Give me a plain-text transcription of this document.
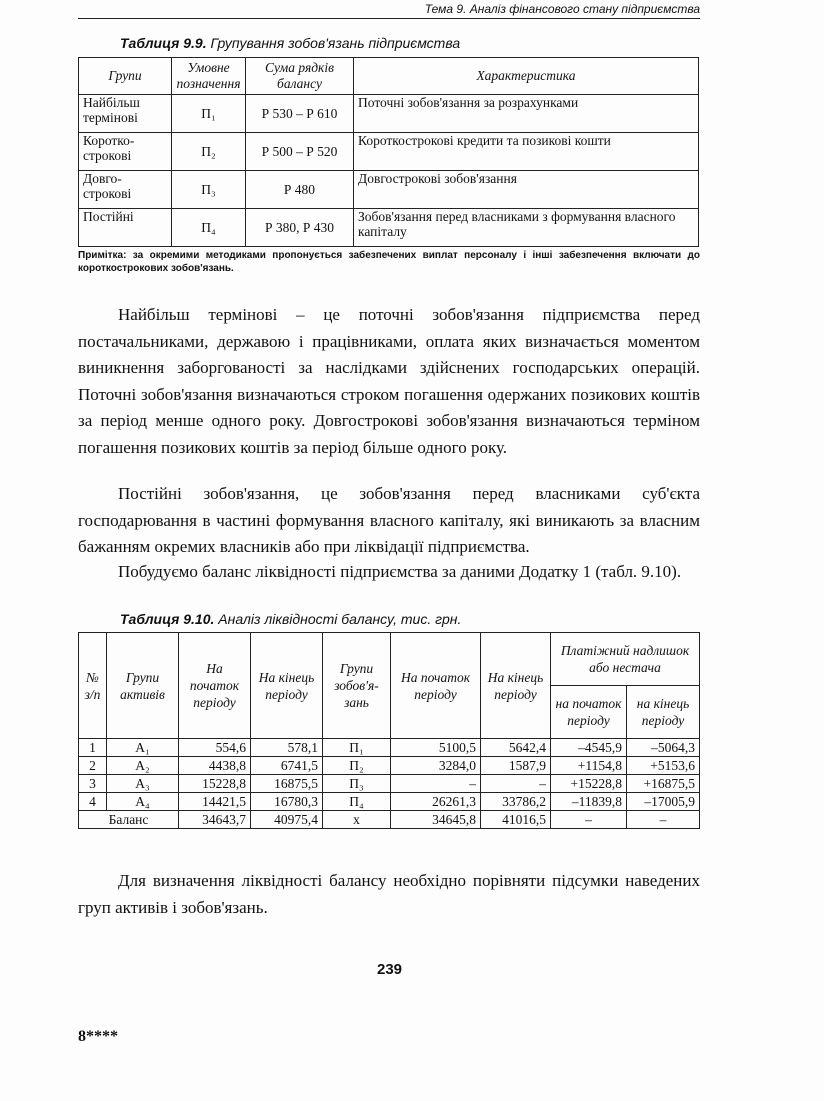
Тема 9. Аналіз фінансового стану підприємства
Таблиця 9.9. Групування зобов'язань підприємства
Групи	Умовне позначення	Сума рядків балансу	Характеристика
Найбільш термінові	П₁	Р 530 – Р 610	Поточні зобов'язання за розрахунками
Коротко-строкові	П₂	Р 500 – Р 520	Короткострокові кредити та позикові кошти
Довго-строкові	П₃	Р 480	Довгострокові зобов'язання
Постійні	П₄	Р 380, Р 430	Зобов'язання перед власниками з формування власного капіталу
Примітка: за окремими методиками пропонується забезпечених виплат персоналу і інші забезпечення включати до короткострокових зобов'язань.

Найбільш термінові – це поточні зобов'язання підприємства перед постачальниками, державою і працівниками, оплата яких визначається моментом виникнення заборгованості за наслідками здійснених господарських операцій. Поточні зобов'язання визначаються строком погашення одержаних позикових коштів за період менше одного року. Довгострокові зобов'язання визначаються терміном погашення позикових коштів за період більше одного року.

Постійні зобов'язання, це зобов'язання перед власниками суб'єкта господарювання в частині формування власного капіталу, які виникають за власним бажанням окремих власників або при ліквідації підприємства.

Побудуємо баланс ліквідності підприємства за даними Додатку 1 (табл. 9.10).

Таблиця 9.10. Аналіз ліквідності балансу, тис. грн.
№ з/п	Групи активів	На початок періоду	На кінець періоду	Групи зобов'я-зань	На початок періоду	На кінець періоду	Платіжний надлишок або нестача	
							на початок періоду	на кінець періоду
1	А₁	554,6	578,1	П₁	5100,5	5642,4	–4545,9	–5064,3
2	А₂	4438,8	6741,5	П₂	3284,0	1587,9	+1154,8	+5153,6
3	А₃	15228,8	16875,5	П₃	–	–	+15228,8	+16875,5
4	А₄	14421,5	16780,3	П₄	26261,3	33786,2	–11839,8	–17005,9
Баланс		34643,7	40975,4	х	34645,8	41016,5	–	–

Для визначення ліквідності балансу необхідно порівняти підсумки наведених груп активів і зобов'язань.

239
8****
